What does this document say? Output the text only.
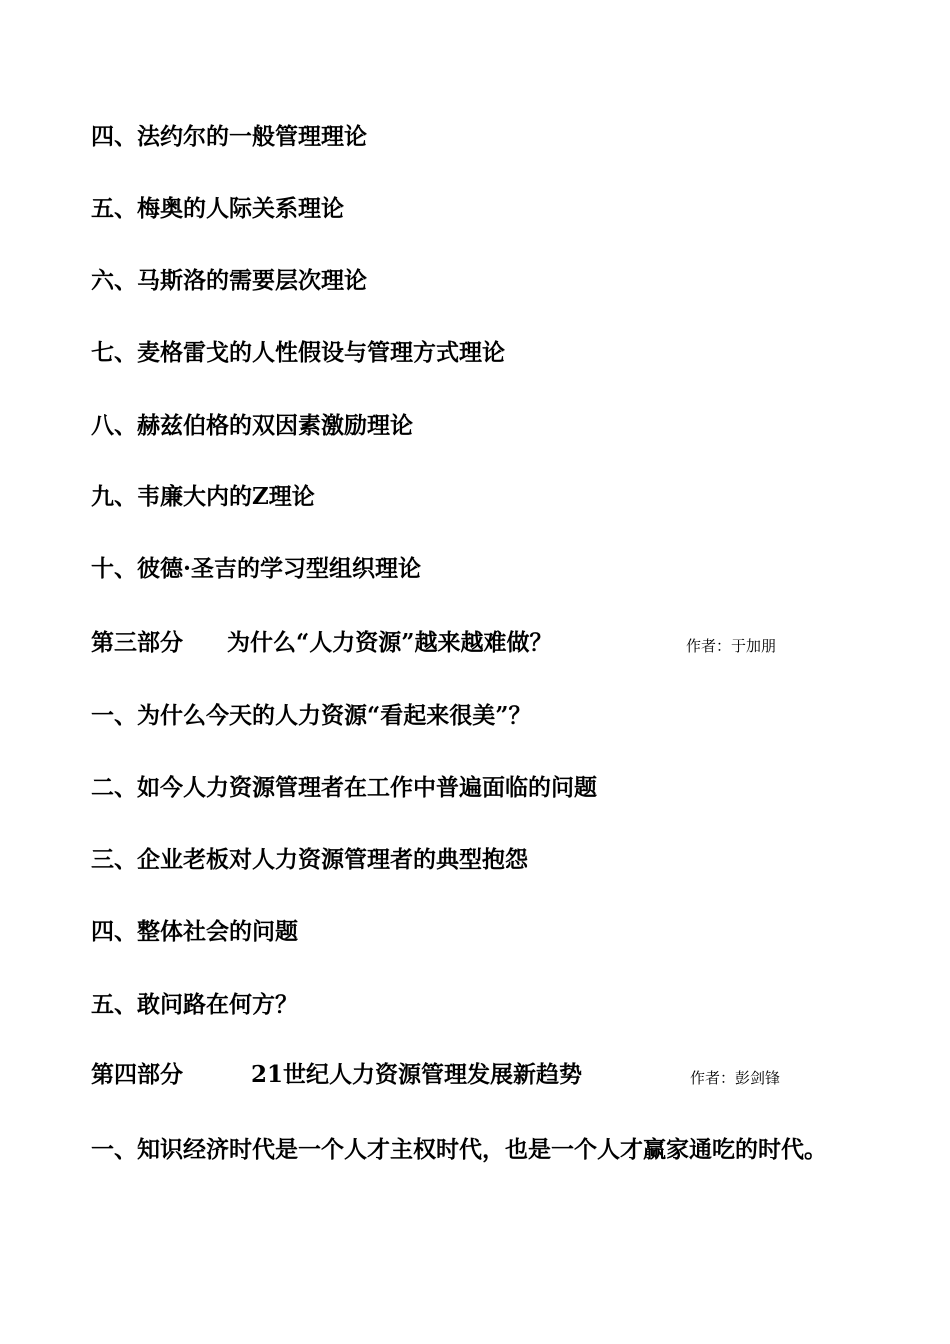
四、法约尔的一般管理理论
五、梅奥的人际关系理论
六、马斯洛的需要层次理论
七、麦格雷戈的人性假设与管理方式理论
八、赫兹伯格的双因素激励理论
九、韦廉大内的Z理论
十、彼德·圣吉的学习型组织理论
第三部分 为什么“人力资源”越来越难做？	作者：于加朋
一、为什么今天的人力资源“看起来很美”？
二、如今人力资源管理者在工作中普遍面临的问题
三、企业老板对人力资源管理者的典型抱怨
四、整体社会的问题
五、敢问路在何方？
第四部分	21世纪人力资源管理发展新趋势	作者：彭剑锋
一、知识经济时代是一个人才主权时代，也是一个人才赢家通吃的时代。
